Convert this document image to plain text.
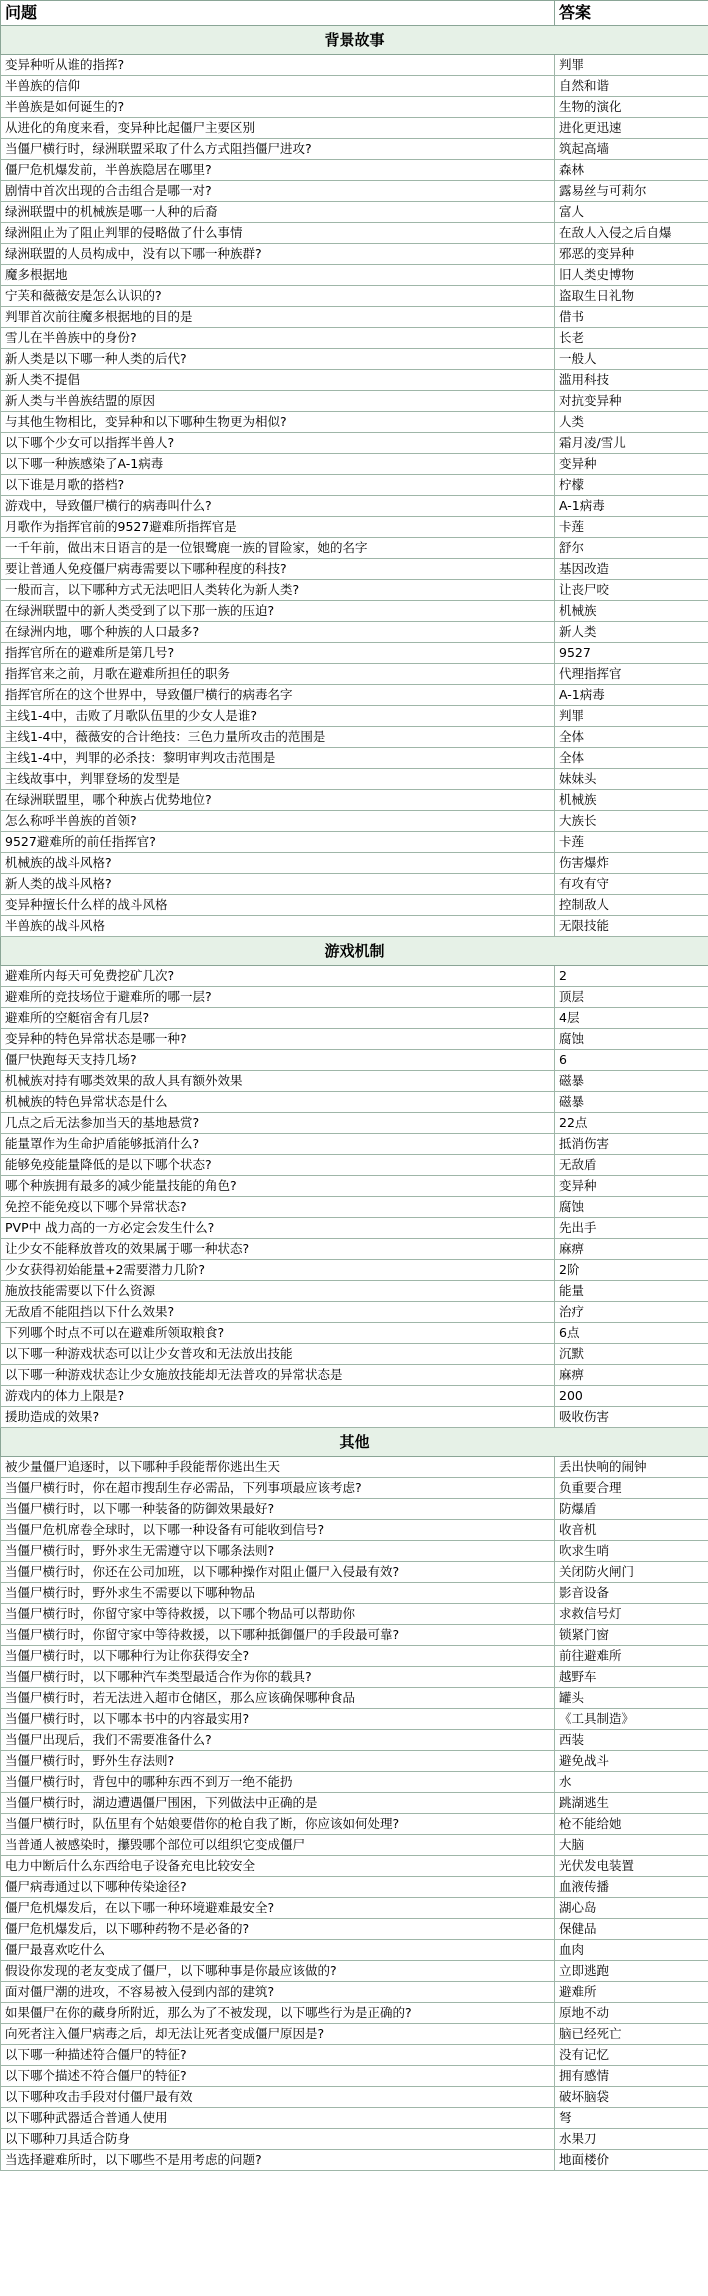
问题	答案
背景故事	
变异种听从谁的指挥?	判罪
半兽族的信仰	自然和谐
半兽族是如何诞生的?	生物的演化
从进化的角度来看，变异种比起僵尸主要区别	进化更迅速
当僵尸横行时，绿洲联盟采取了什么方式阻挡僵尸进攻?	筑起高墙
僵尸危机爆发前，半兽族隐居在哪里?	森林
剧情中首次出现的合击组合是哪一对?	露易丝与可莉尔
绿洲联盟中的机械族是哪一人种的后裔	富人
绿洲阻止为了阻止判罪的侵略做了什么事情	在敌人入侵之后自爆
绿洲联盟的人员构成中，没有以下哪一种族群?	邪恶的变异种
魔多根据地	旧人类史博物
宁芙和薇薇安是怎么认识的?	盗取生日礼物
判罪首次前往魔多根据地的目的是	借书
雪儿在半兽族中的身份?	长老
新人类是以下哪一种人类的后代?	一般人
新人类不提倡	滥用科技
新人类与半兽族结盟的原因	对抗变异种
与其他生物相比，变异种和以下哪种生物更为相似?	人类
以下哪个少女可以指挥半兽人?	霜月凌/雪儿
以下哪一种族感染了A-1病毒	变异种
以下谁是月歌的搭档?	柠檬
游戏中，导致僵尸横行的病毒叫什么?	A-1病毒
月歌作为指挥官前的9527避难所指挥官是	卡莲
一千年前，做出末日语言的是一位银鹭鹿一族的冒险家，她的名字	舒尔
要让普通人免疫僵尸病毒需要以下哪种程度的科技?	基因改造
一般而言，以下哪种方式无法吧旧人类转化为新人类?	让丧尸咬
在绿洲联盟中的新人类受到了以下那一族的压迫?	机械族
在绿洲内地，哪个种族的人口最多?	新人类
指挥官所在的避难所是第几号?	9527
指挥官来之前，月歌在避难所担任的职务	代理指挥官
指挥官所在的这个世界中，导致僵尸横行的病毒名字	A-1病毒
主线1-4中，击败了月歌队伍里的少女人是谁?	判罪
主线1-4中，薇薇安的合计绝技：三色力量所攻击的范围是	全体
主线1-4中，判罪的必杀技：黎明审判攻击范围是	全体
主线故事中，判罪登场的发型是	妹妹头
在绿洲联盟里，哪个种族占优势地位?	机械族
怎么称呼半兽族的首领?	大族长
9527避难所的前任指挥官?	卡莲
机械族的战斗风格?	伤害爆炸
新人类的战斗风格?	有攻有守
变异种擅长什么样的战斗风格	控制敌人
半兽族的战斗风格	无限技能
游戏机制	
避难所内每天可免费挖矿几次?	2
避难所的竞技场位于避难所的哪一层?	顶层
避难所的空艇宿舍有几层?	4层
变异种的特色异常状态是哪一种?	腐蚀
僵尸快跑每天支持几场?	6
机械族对持有哪类效果的敌人具有额外效果	磁暴
机械族的特色异常状态是什么	磁暴
几点之后无法参加当天的基地悬赏?	22点
能量罩作为生命护盾能够抵消什么?	抵消伤害
能够免疫能量降低的是以下哪个状态?	无敌盾
哪个种族拥有最多的减少能量技能的角色?	变异种
免控不能免疫以下哪个异常状态?	腐蚀
PVP中 战力高的一方必定会发生什么?	先出手
让少女不能释放普攻的效果属于哪一种状态?	麻痹
少女获得初始能量+2需要潜力几阶?	2阶
施放技能需要以下什么资源	能量
无敌盾不能阻挡以下什么效果?	治疗
下列哪个时点不可以在避难所领取粮食?	6点
以下哪一种游戏状态可以让少女普攻和无法放出技能	沉默
以下哪一种游戏状态让少女施放技能却无法普攻的异常状态是	麻痹
游戏内的体力上限是?	200
援助造成的效果?	吸收伤害
其他	
被少量僵尸追逐时，以下哪种手段能帮你逃出生天	丢出快响的闹钟
当僵尸横行时，你在超市搜刮生存必需品，下列事项最应该考虑?	负重要合理
当僵尸横行时，以下哪一种装备的防御效果最好?	防爆盾
当僵尸危机席卷全球时，以下哪一种设备有可能收到信号?	收音机
当僵尸横行时，野外求生无需遵守以下哪条法则?	吹求生哨
当僵尸横行时，你还在公司加班，以下哪种操作对阻止僵尸入侵最有效?	关闭防火闸门
当僵尸横行时，野外求生不需要以下哪种物品	影音设备
当僵尸横行时，你留守家中等待救援，以下哪个物品可以帮助你	求救信号灯
当僵尸横行时，你留守家中等待救援，以下哪种抵御僵尸的手段最可靠?	锁紧门窗
当僵尸横行时，以下哪种行为让你获得安全?	前往避难所
当僵尸横行时，以下哪种汽车类型最适合作为你的载具?	越野车
当僵尸横行时，若无法进入超市仓储区，那么应该确保哪种食品	罐头
当僵尸横行时，以下哪本书中的内容最实用?	《工具制造》
当僵尸出现后，我们不需要准备什么?	西装
当僵尸横行时，野外生存法则?	避免战斗
当僵尸横行时，背包中的哪种东西不到万一绝不能扔	水
当僵尸横行时，湖边遭遇僵尸围困，下列做法中正确的是	跳湖逃生
当僵尸横行时，队伍里有个姑娘要借你的枪自我了断，你应该如何处理?	枪不能给她
当普通人被感染时，攥毁哪个部位可以组织它变成僵尸	大脑
电力中断后什么东西给电子设备充电比较安全	光伏发电装置
僵尸病毒通过以下哪种传染途径?	血液传播
僵尸危机爆发后，在以下哪一种环境避难最安全?	湖心岛
僵尸危机爆发后，以下哪种药物不是必备的?	保健品
僵尸最喜欢吃什么	血肉
假设你发现的老友变成了僵尸，以下哪种事是你最应该做的?	立即逃跑
面对僵尸潮的进攻，不容易被入侵到内部的建筑?	避难所
如果僵尸在你的藏身所附近，那么为了不被发现，以下哪些行为是正确的?	原地不动
向死者注入僵尸病毒之后，却无法让死者变成僵尸原因是?	脑已经死亡
以下哪一种描述符合僵尸的特征?	没有记忆
以下哪个描述不符合僵尸的特征?	拥有感情
以下哪种攻击手段对付僵尸最有效	破坏脑袋
以下哪种武器适合普通人使用	弩
以下哪种刀具适合防身	水果刀
当选择避难所时，以下哪些不是用考虑的问题?	地面楼价
